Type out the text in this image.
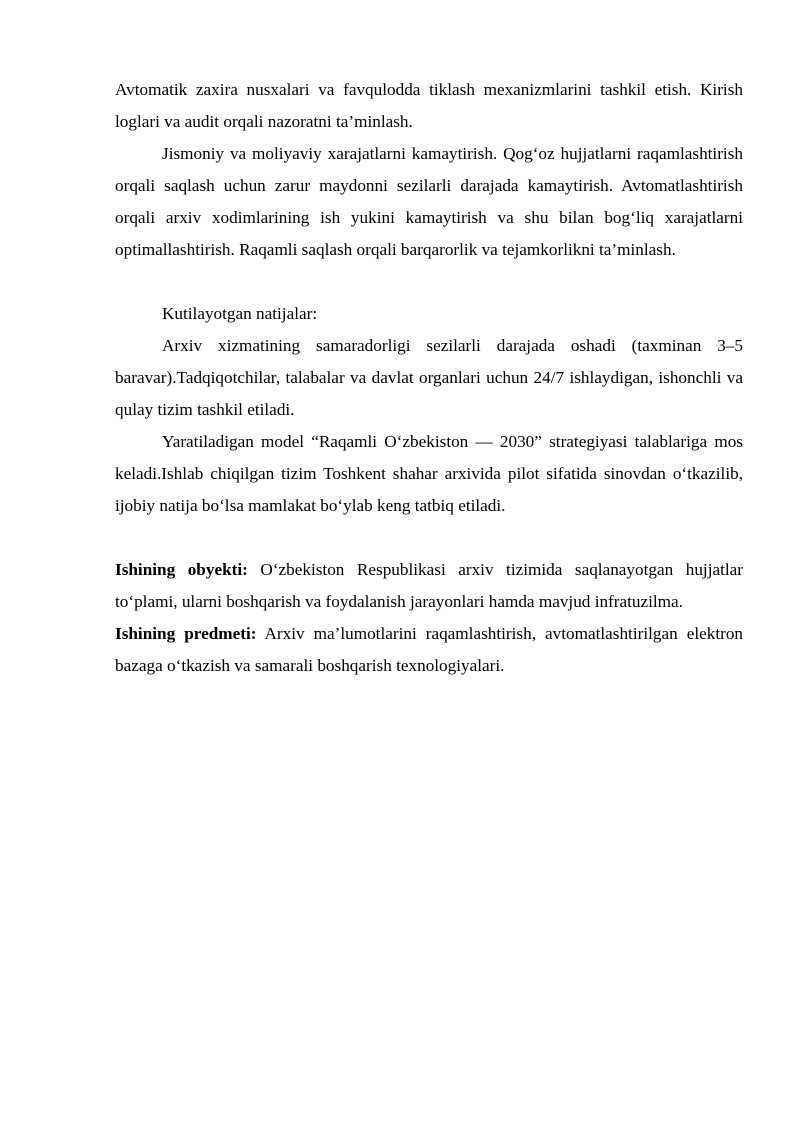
Avtomatik zaxira nusxalari va favqulodda tiklash mexanizmlarini tashkil etish. Kirish loglari va audit orqali nazoratni ta’minlash.

Jismoniy va moliyaviy xarajatlarni kamaytirish. Qog‘oz hujjatlarni raqamlashtirish orqali saqlash uchun zarur maydonni sezilarli darajada kamaytirish. Avtomatlashtirish orqali arxiv xodimlarining ish yukini kamaytirish va shu bilan bog‘liq xarajatlarni optimallashtirish. Raqamli saqlash orqali barqarorlik va tejamkorlikni ta’minlash.

Kutilayotgan natijalar:

Arxiv xizmatining samaradorligi sezilarli darajada oshadi (taxminan 3–5 baravar).Tadqiqotchilar, talabalar va davlat organlari uchun 24/7 ishlaydigan, ishonchli va qulay tizim tashkil etiladi.

Yaratiladigan model “Raqamli O‘zbekiston — 2030” strategiyasi talablariga mos keladi.Ishlab chiqilgan tizim Toshkent shahar arxivida pilot sifatida sinovdan o‘tkazilib, ijobiy natija bo‘lsa mamlakat bo‘ylab keng tatbiq etiladi.

Ishining obyekti: O‘zbekiston Respublikasi arxiv tizimida saqlanayotgan hujjatlar to‘plami, ularni boshqarish va foydalanish jarayonlari hamda mavjud infratuzilma.

Ishining predmeti: Arxiv ma’lumotlarini raqamlashtirish, avtomatlashtirilgan elektron bazaga o‘tkazish va samarali boshqarish texnologiyalari.
